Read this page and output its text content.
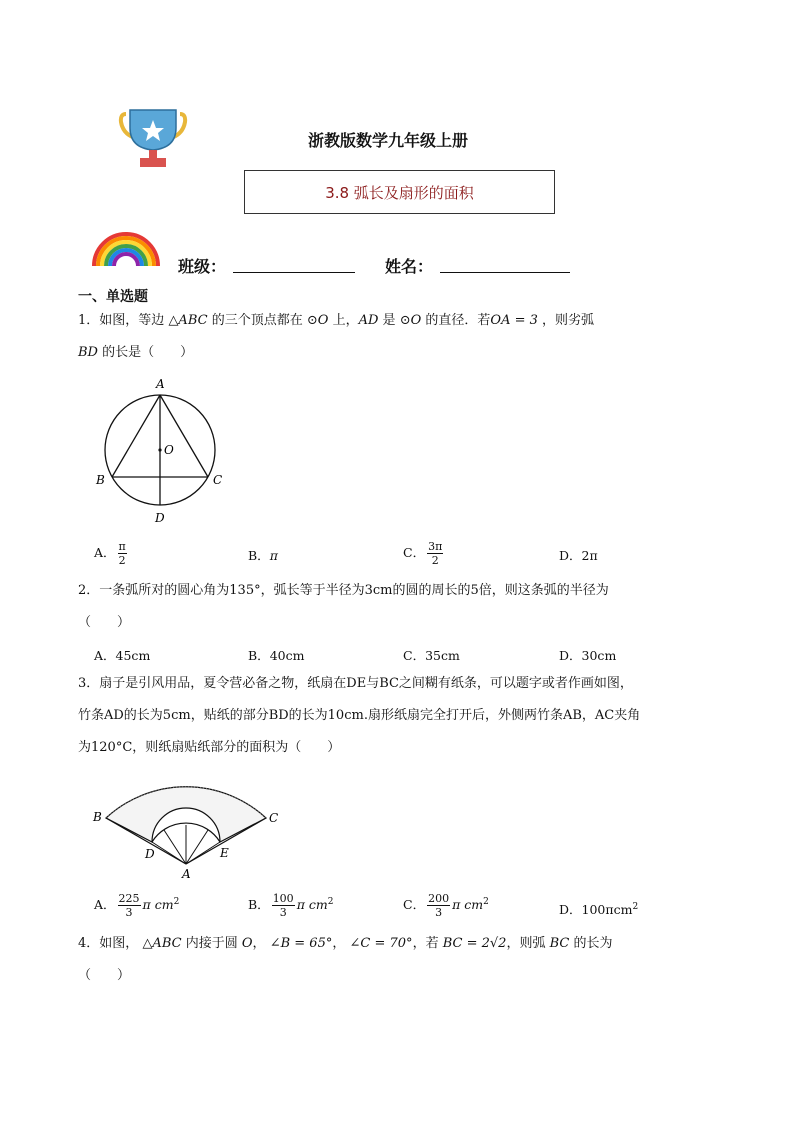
浙教版数学九年级上册
3.8 弧长及扇形的面积
班级：	姓名：
一、单选题
1．如图，等边 △ABC 的三个顶点都在 ⊙O 上，AD 是 ⊙O 的直径．若OA = 3 ，则劣弧
BD 的长是（　　）
A
O
B	C
D
A． $\frac{\pi}{2}$	B．π	C． $\frac{3\pi}{2}$	D．2π
2．一条弧所对的圆心角为135°，弧长等于半径为3cm的圆的周长的5倍，则这条弧的半径为
（　　）
A．45cm	B．40cm	C．35cm	D．30cm
3．扇子是引风用品，夏令营必备之物，纸扇在DE与BC之间糊有纸条，可以题字或者作画如图，
竹条AD的长为5cm，贴纸的部分BD的长为10cm.扇形纸扇完全打开后，外侧两竹条AB，AC夹角
为120°C，则纸扇贴纸部分的面积为（　　）
B	C
D	E
A
A． $\frac{225}{3}$ π $cm^2$	B． $\frac{100}{3}$ π $cm^2$	C． $\frac{200}{3}$ π $cm^2$
D．100πcm$^2$
4．如图， △ABC 内接于圆 O， ∠B = 65°， ∠C = 70°，若 BC = 2√2，则弧 BC 的长为
（　　）
